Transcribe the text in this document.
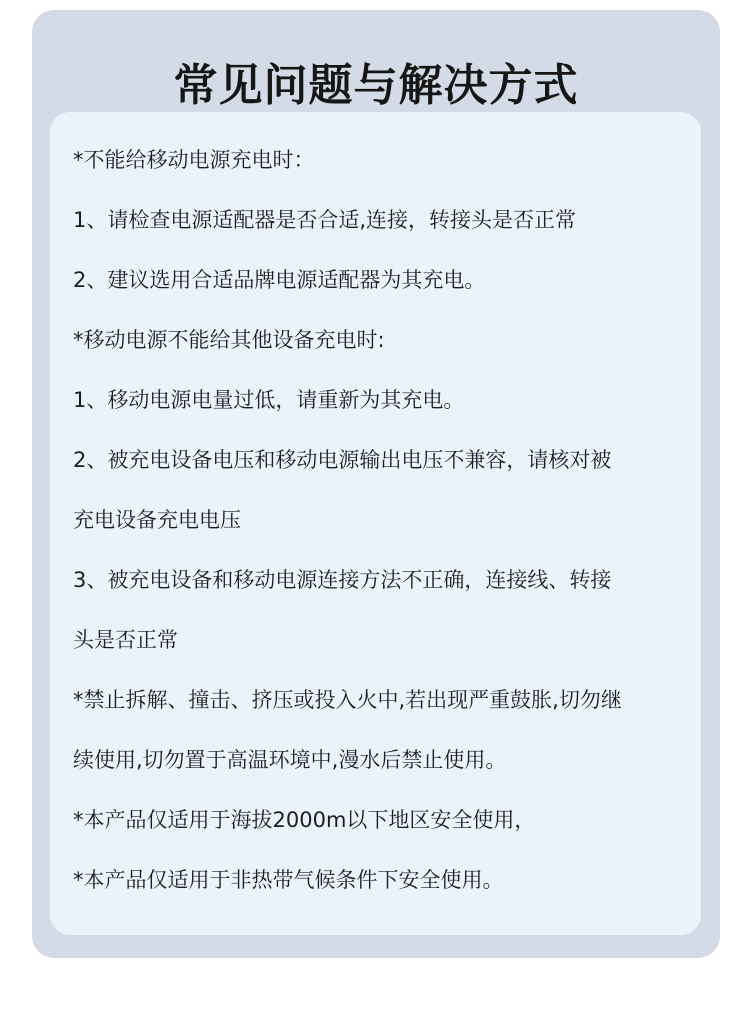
常见问题与解决方式
*不能给移动电源充电时：
1、请检查电源适配器是否合适,连接，转接头是否正常
2、建议选用合适品牌电源适配器为其充电。
*移动电源不能给其他设备充电时:
1、移动电源电量过低，请重新为其充电。
2、被充电设备电压和移动电源输出电压不兼容，请核对被
充电设备充电电压
3、被充电设备和移动电源连接方法不正确，连接线、转接
头是否正常
*禁止拆解、撞击、挤压或投入火中,若出现严重鼓胀,切勿继
续使用,切勿置于高温环境中,漫水后禁止使用。
*本产品仅适用于海拔2000m以下地区安全使用，
*本产品仅适用于非热带气候条件下安全使用。
